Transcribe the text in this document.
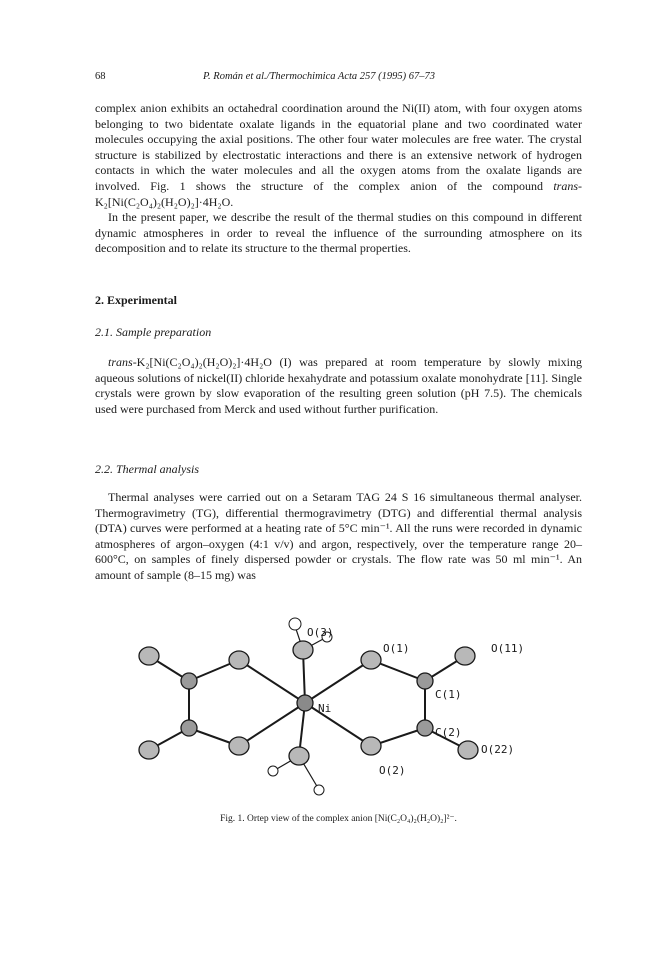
68	P. Román et al./Thermochimica Acta 257 (1995) 67–73

complex anion exhibits an octahedral coordination around the Ni(II) atom, with four oxygen atoms belonging to two bidentate oxalate ligands in the equatorial plane and two coordinated water molecules occupying the axial positions. The other four water molecules are free water. The crystal structure is stabilized by electrostatic interactions and there is an extensive network of hydrogen contacts in which the water molecules and all the oxygen atoms from the oxalate ligands are involved. Fig. 1 shows the structure of the complex anion of the compound trans-K₂[Ni(C₂O₄)₂(H₂O)₂]·4H₂O.

In the present paper, we describe the result of the thermal studies on this compound in different dynamic atmospheres in order to reveal the influence of the surrounding atmosphere on its decomposition and to relate its structure to the thermal properties.

2. Experimental
2.1. Sample preparation

trans-K₂[Ni(C₂O₄)₂(H₂O)₂]·4H₂O (I) was prepared at room temperature by slowly mixing aqueous solutions of nickel(II) chloride hexahydrate and potassium oxalate monohydrate [11]. Single crystals were grown by slow evaporation of the resulting green solution (pH 7.5). The chemicals used were purchased from Merck and used without further purification.

2.2. Thermal analysis

Thermal analyses were carried out on a Setaram TAG 24 S 16 simultaneous thermal analyser. Thermogravimetry (TG), differential thermogravimetry (DTG) and differential thermal analysis (DTA) curves were performed at a heating rate of 5°C min⁻¹. All the runs were recorded in dynamic atmospheres of argon–oxygen (4:1 v/v) and argon, respectively, over the temperature range 20–600°C, on samples of finely dispersed powder or crystals. The flow rate was 50 ml min⁻¹. An amount of sample (8–15 mg) was

O(3)
O(1)	O(11)
C(1)
Ni
C(2)
O(22)
O(2)
Fig. 1. Ortep view of the complex anion [Ni(C₂O₄)₂(H₂O)₂]²⁻.
